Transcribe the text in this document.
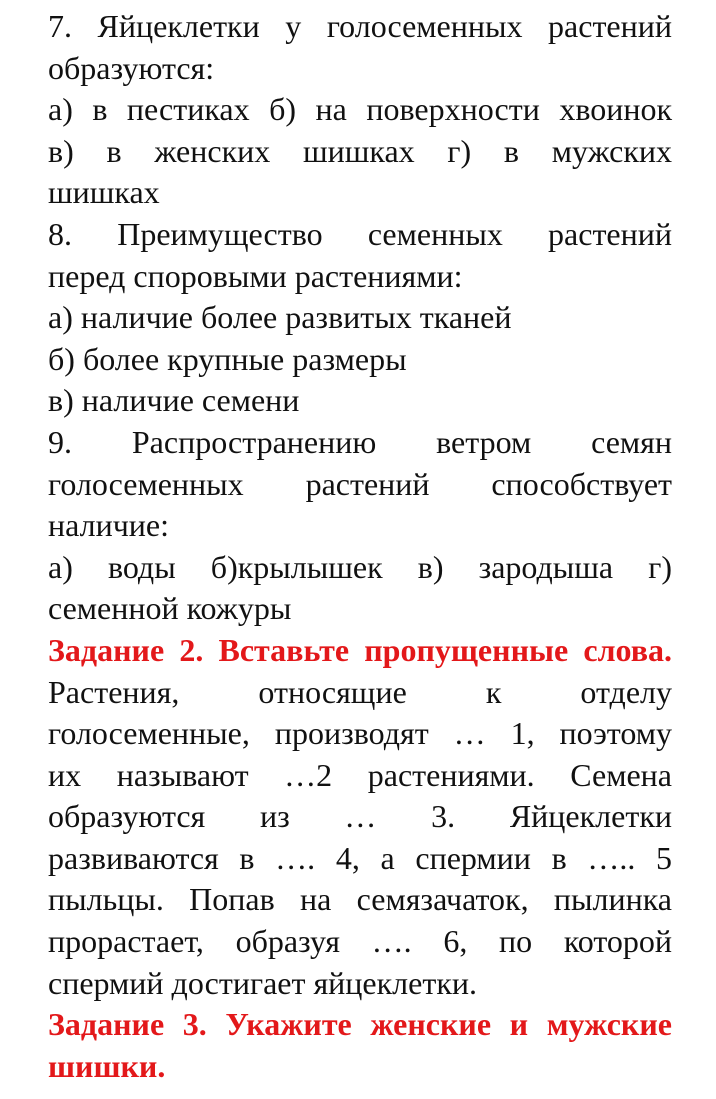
7. Яйцеклетки у голосеменных растений
образуются:
а) в пестиках б) на поверхности хвоинок
в) в женских шишках г) в мужских
шишках
8. Преимущество семенных растений
перед споровыми растениями:
а) наличие более развитых тканей
б) более крупные размеры
в) наличие семени
9. Распространению ветром семян
голосеменных растений способствует
наличие:
а) воды б)крылышек в) зародыша г)
семенной кожуры
Задание 2. Вставьте пропущенные слова.
Растения, относящие к отделу
голосеменные, производят … 1, поэтому
их называют …2 растениями. Семена
образуются из … 3. Яйцеклетки
развиваются в …. 4, а спермии в ….. 5
пыльцы. Попав на семязачаток, пылинка
прорастает, образуя …. 6, по которой
спермий достигает яйцеклетки.
Задание 3. Укажите женские и мужские
шишки.
